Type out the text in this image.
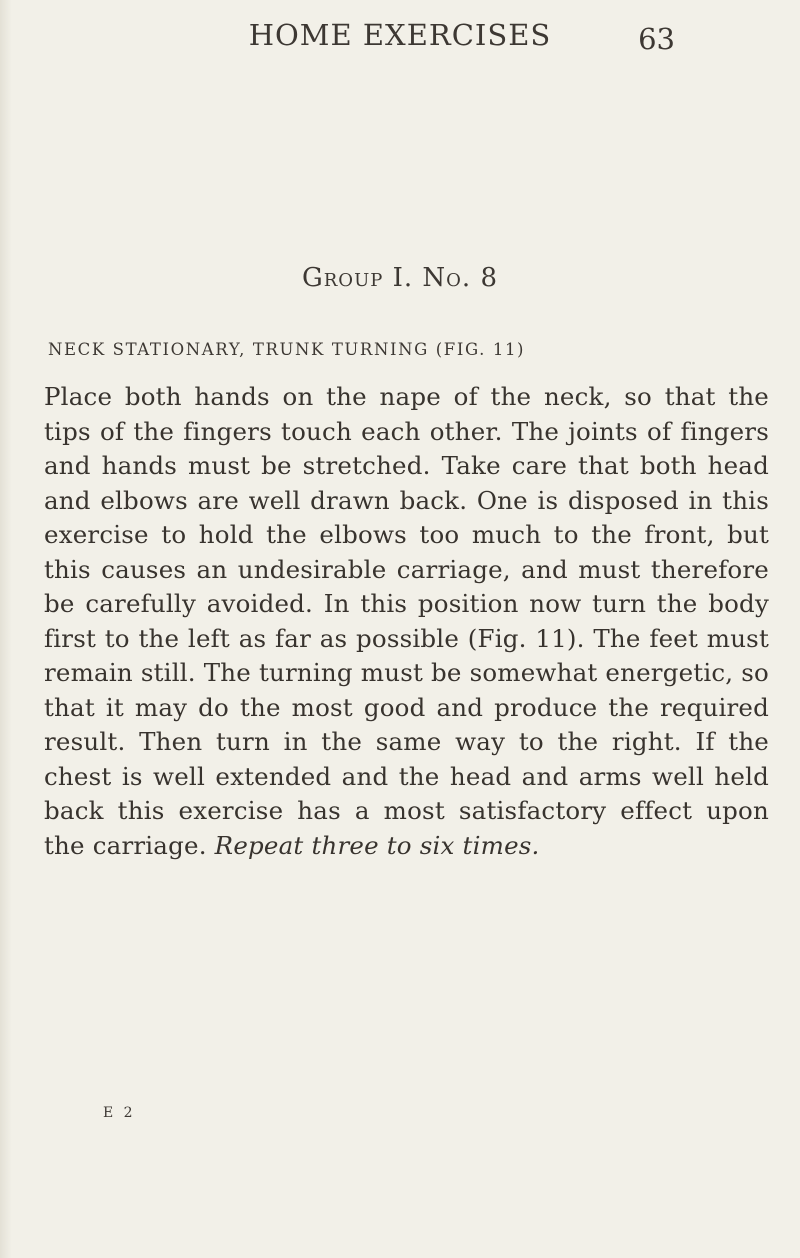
HOME EXERCISES	63
Group I. No. 8
NECK STATIONARY, TRUNK TURNING (FIG. 11)
Place both hands on the nape of the neck, so that the tips of the fingers touch each other. The joints of fingers and hands must be stretched. Take care that both head and elbows are well drawn back. One is disposed in this exercise to hold the elbows too much to the front, but this causes an undesirable carriage, and must therefore be carefully avoided. In this position now turn the body first to the left as far as possible (Fig. 11). The feet must remain still. The turning must be somewhat energetic, so that it may do the most good and produce the required result. Then turn in the same way to the right. If the chest is well extended and the head and arms well held back this exercise has a most satisfactory effect upon the carriage. Repeat three to six times.
E 2
